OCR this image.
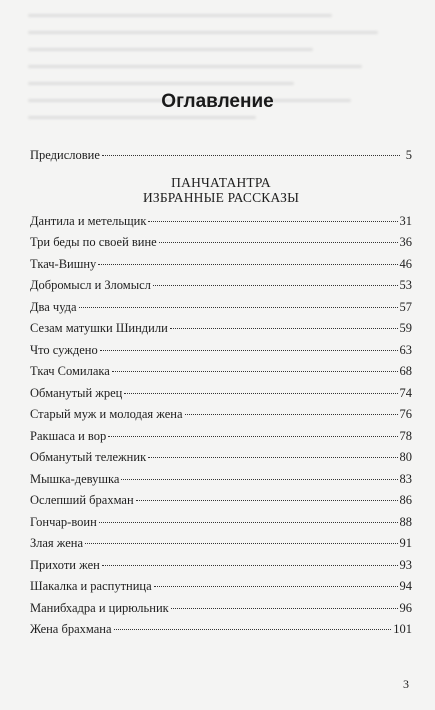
Оглавление
Предисловие	5
ПАНЧАТАНТРА
ИЗБРАННЫЕ РАССКАЗЫ
Дантила и метельщик	31
Три беды по своей вине	36
Ткач-Вишну	46
Добромысл и Зломысл	53
Два чуда	57
Сезам матушки Шиндили	59
Что суждено	63
Ткач Сомилака	68
Обманутый жрец	74
Старый муж и молодая жена	76
Ракшаса и вор	78
Обманутый тележник	80
Мышка-девушка	83
Ослепший брахман	86
Гончар-воин	88
Злая жена	91
Прихоти жен	93
Шакалка и распутница	94
Манибхадра и цирюльник	96
Жена брахмана	101
3
